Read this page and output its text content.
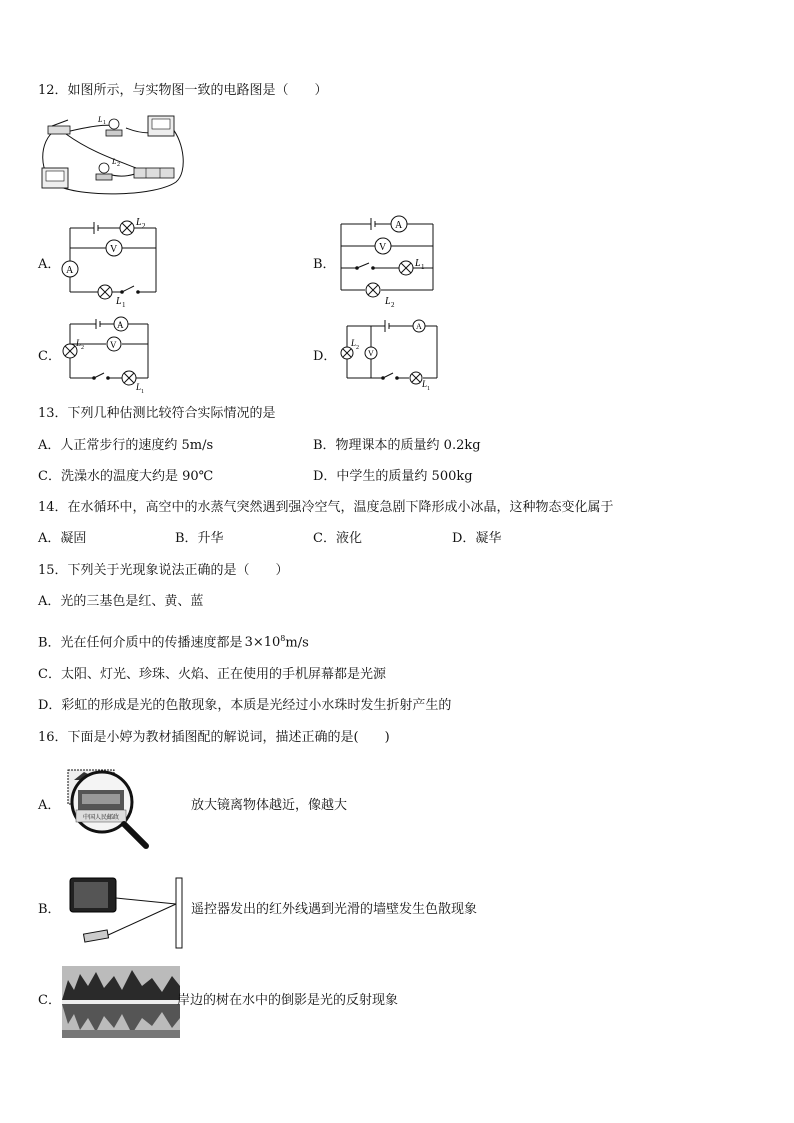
12．如图所示，与实物图一致的电路图是（　　）
L 1
L 2
A．
L 2
V
A
L 1
B．
A
V
L 1
L 2
C．
A
V
L 2
L 1
D．
A
L 2
V
L 1
13．下列几种估测比较符合实际情况的是
A．人正常步行的速度约 5m/s	B．物理课本的质量约 0.2kg
C．洗澡水的温度大约是 90℃	D．中学生的质量约 500kg
14．在水循环中，高空中的水蒸气突然遇到强冷空气，温度急剧下降形成小冰晶，这种物态变化属于
A．凝固	B．升华	C．液化	D．凝华
15．下列关于光现象说法正确的是（　　）
A．光的三基色是红、黄、蓝
B．光在任何介质中的传播速度都是 $3\times 10^8m/s$
C．太阳、灯光、珍珠、火焰、正在使用的手机屏幕都是光源
D．彩虹的形成是光的色散现象，本质是光经过小水珠时发生折射产生的
16．下面是小婷为教材插图配的解说词，描述正确的是(　　)
A．
中国人民邮政
放大镜离物体越近，像越大
B．	遥控器发出的红外线遇到光滑的墙壁发生色散现象
C．	岸边的树在水中的倒影是光的反射现象
